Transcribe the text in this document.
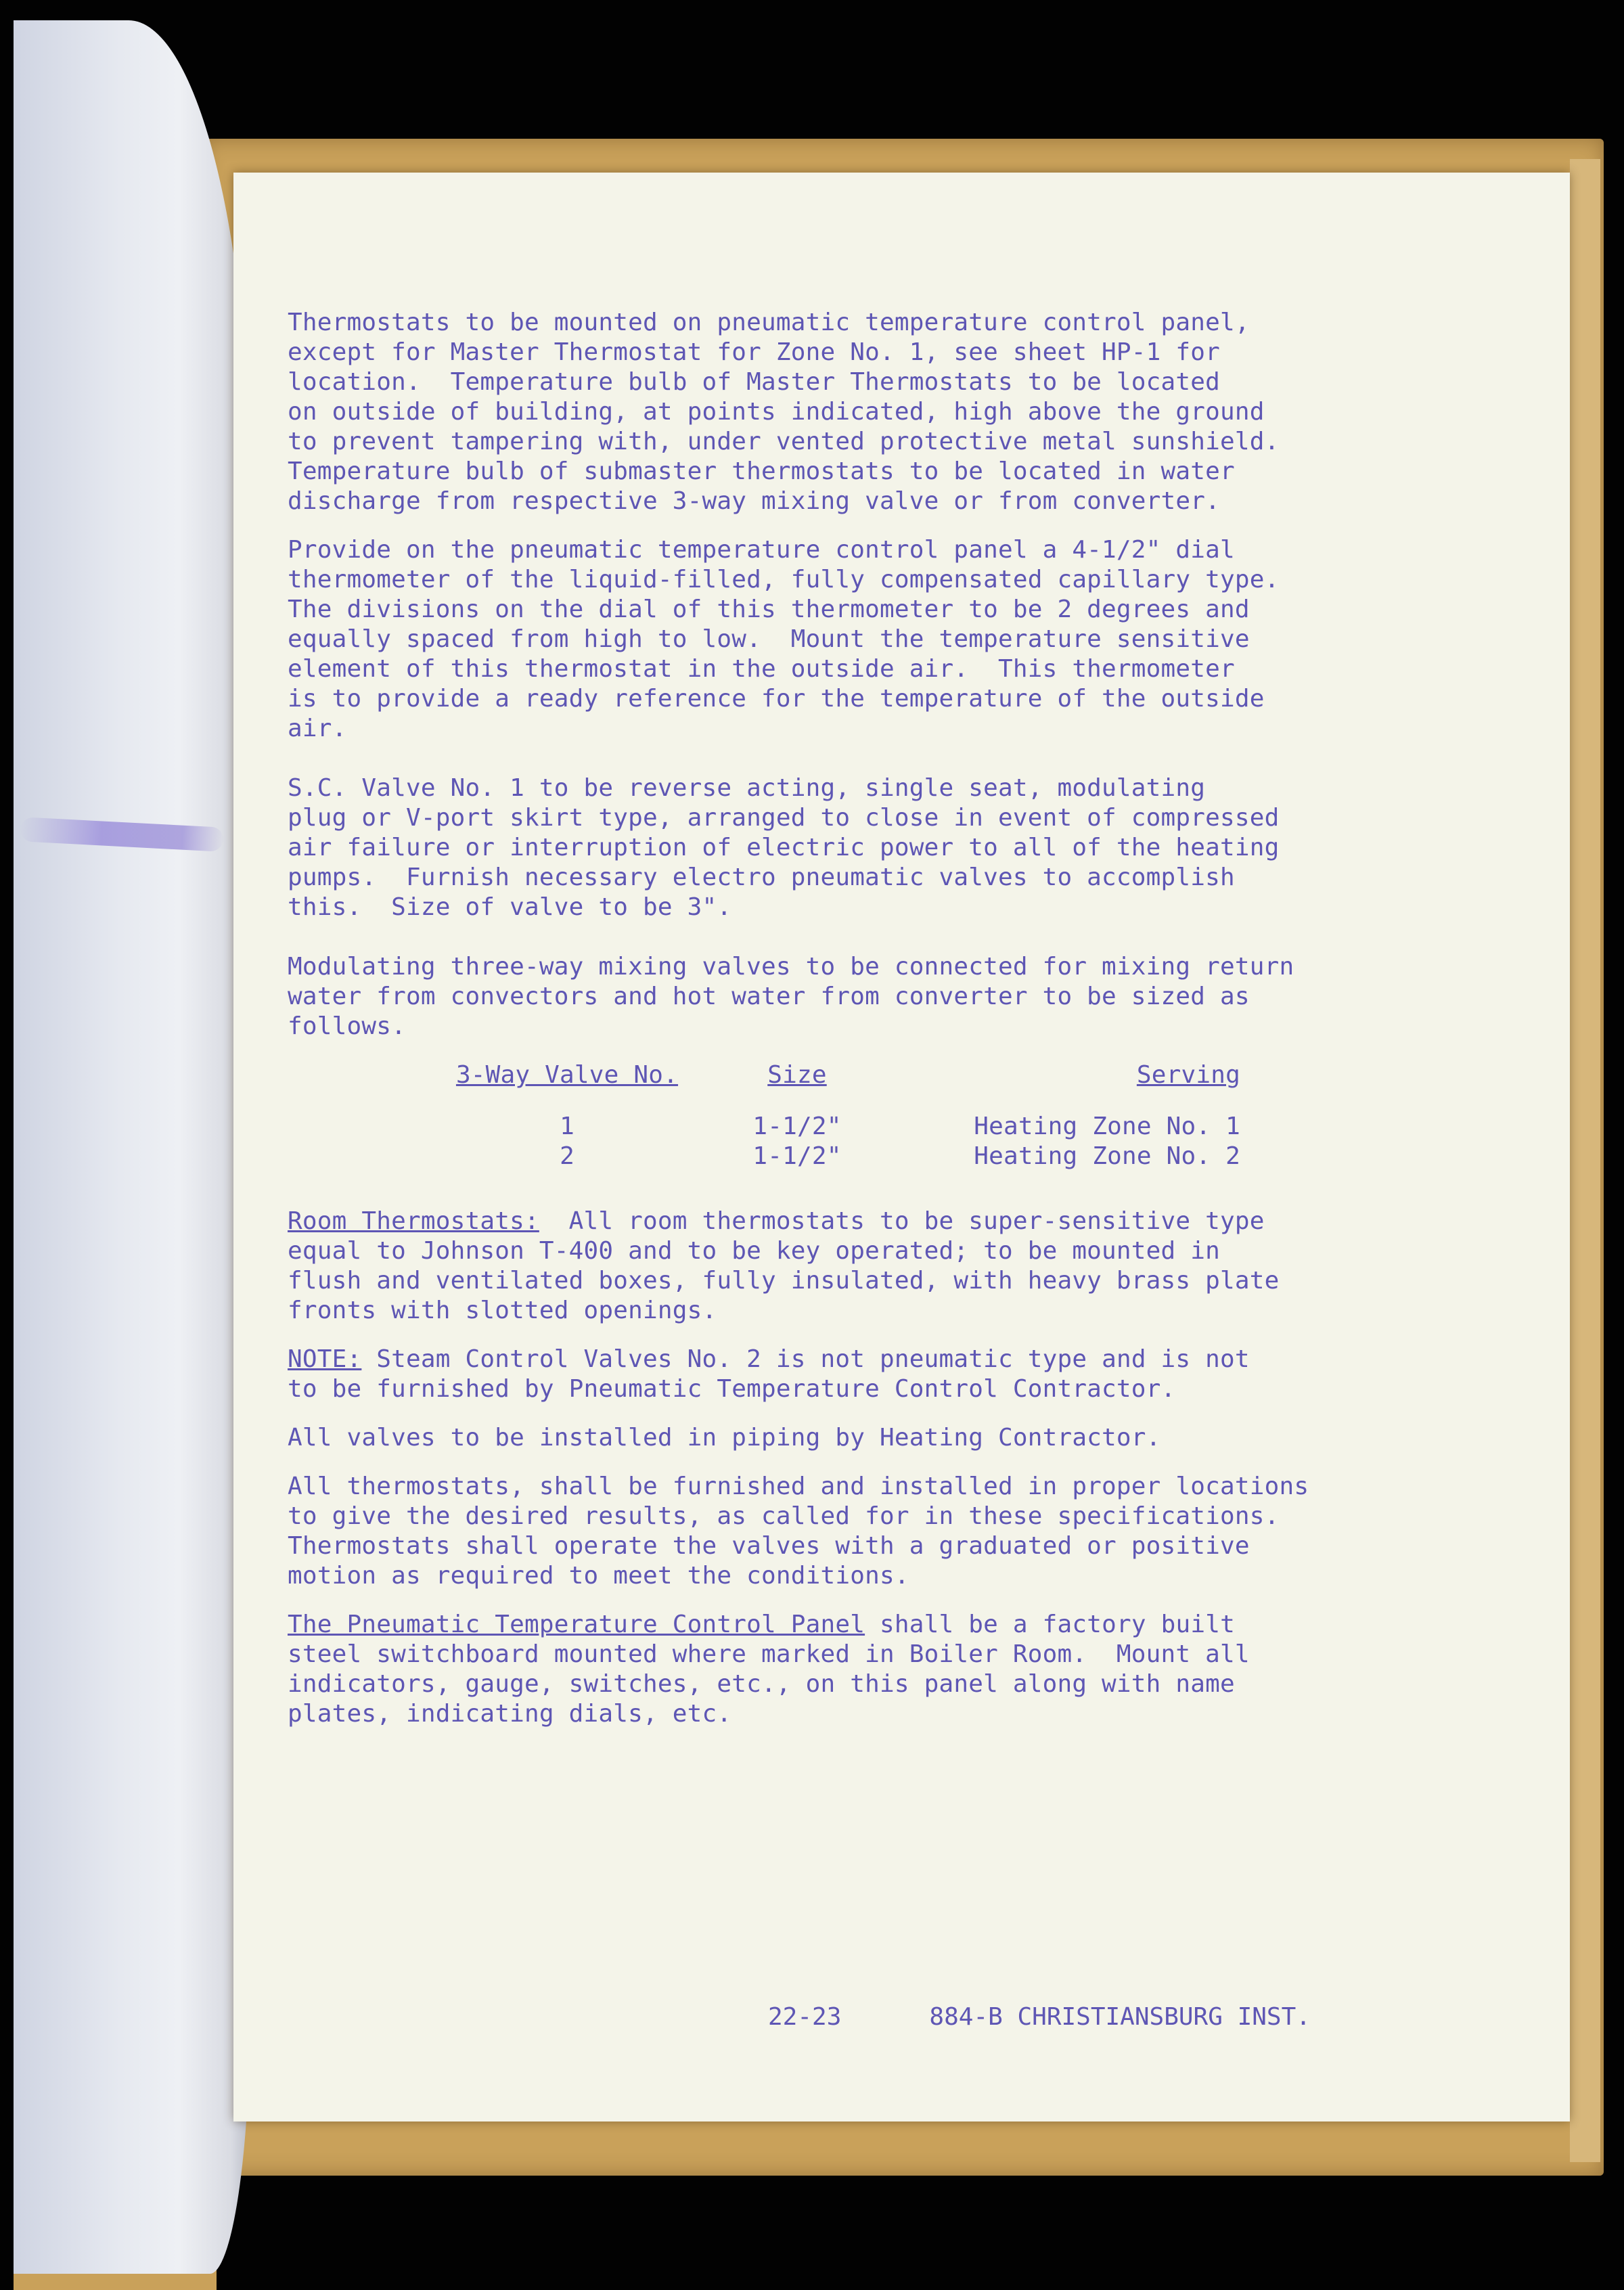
Thermostats to be mounted on pneumatic temperature control panel,
except for Master Thermostat for Zone No. 1, see sheet HP-1 for
location.  Temperature bulb of Master Thermostats to be located
on outside of building, at points indicated, high above the ground
to prevent tampering with, under vented protective metal sunshield.
Temperature bulb of submaster thermostats to be located in water
discharge from respective 3-way mixing valve or from converter.

Provide on the pneumatic temperature control panel a 4-1/2" dial
thermometer of the liquid-filled, fully compensated capillary type.
The divisions on the dial of this thermometer to be 2 degrees and
equally spaced from high to low.  Mount the temperature sensitive
element of this thermostat in the outside air.  This thermometer
is to provide a ready reference for the temperature of the outside
air.

S.C. Valve No. 1 to be reverse acting, single seat, modulating
plug or V-port skirt type, arranged to close in event of compressed
air failure or interruption of electric power to all of the heating
pumps.  Furnish necessary electro pneumatic valves to accomplish
this.  Size of valve to be 3".

Modulating three-way mixing valves to be connected for mixing return
water from convectors and hot water from converter to be sized as
follows.

3-Way Valve No.	Size	Serving
1	1-1/2"	Heating Zone No. 1
2	1-1/2"	Heating Zone No. 2

Room Thermostats:  All room thermostats to be super-sensitive type
equal to Johnson T-400 and to be key operated; to be mounted in
flush and ventilated boxes, fully insulated, with heavy brass plate
fronts with slotted openings.

NOTE: Steam Control Valves No. 2 is not pneumatic type and is not
to be furnished by Pneumatic Temperature Control Contractor.

All valves to be installed in piping by Heating Contractor.

All thermostats, shall be furnished and installed in proper locations
to give the desired results, as called for in these specifications.
Thermostats shall operate the valves with a graduated or positive
motion as required to meet the conditions.

The Pneumatic Temperature Control Panel shall be a factory built
steel switchboard mounted where marked in Boiler Room.  Mount all
indicators, gauge, switches, etc., on this panel along with name
plates, indicating dials, etc.

22-23	884-B CHRISTIANSBURG INST.
